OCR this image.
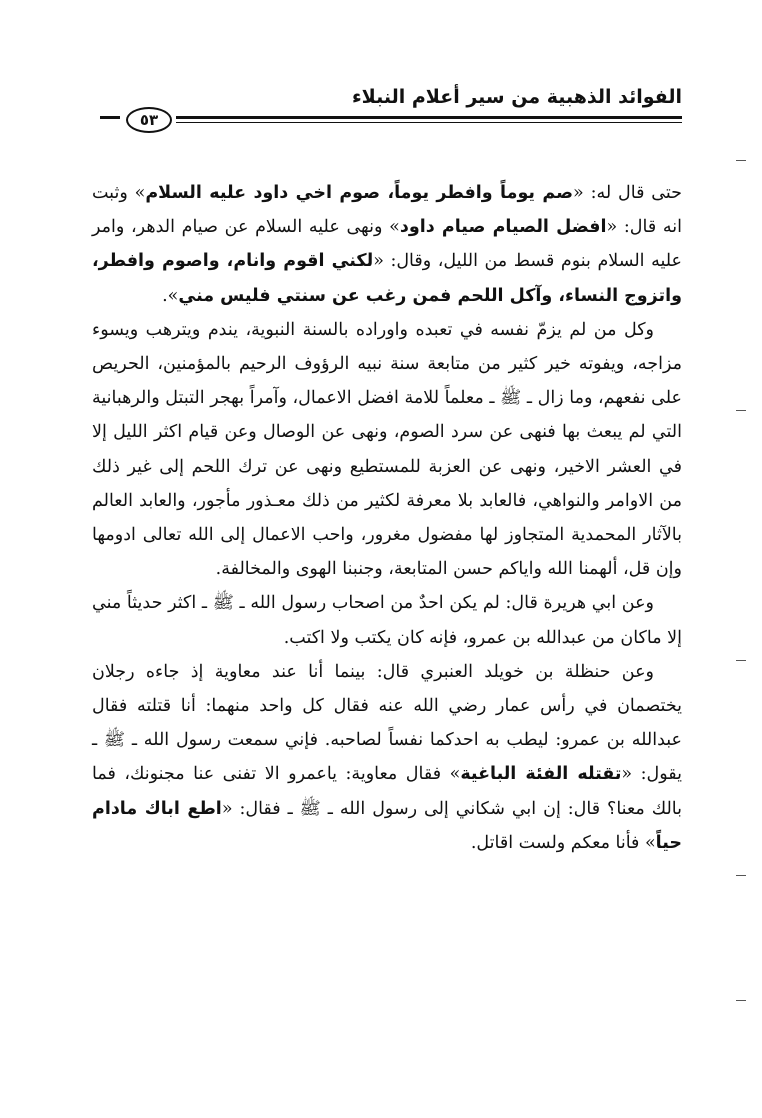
الفوائد الذهبية من سير أعلام النبلاء
٥٣

حتى قال له: «صم يوماً وافطر يوماً، صوم اخي داود عليه السلام» وثبت انه قال: «افضل الصيام صيام داود» ونهى عليه السلام عن صيام الدهر، وامر عليه السلام بنوم قسط من الليل، وقال: «لكني اقوم وانام، واصوم وافطر، واتزوج النساء، وآكل اللحم فمن رغب عن سنتي فليس مني».

وكل من لم يزمّ نفسه في تعبده واوراده بالسنة النبوية، يندم ويترهب ويسوء مزاجه، ويفوته خير كثير من متابعة سنة نبيه الرؤوف الرحيم بالمؤمنين، الحريص على نفعهم، وما زال ـ ﷺ ـ معلماً للامة افضل الاعمال، وآمراً بهجر التبتل والرهبانية التي لم يبعث بها فنهى عن سرد الصوم، ونهى عن الوصال وعن قيام اكثر الليل إلا في العشر الاخير، ونهى عن العزبة للمستطيع ونهى عن ترك اللحم إلى غير ذلك من الاوامر والنواهي، فالعابد بلا معرفة لكثير من ذلك معـذور مأجور، والعابد العالم بالآثار المحمدية المتجاوز لها مفضول مغرور، واحب الاعمال إلى الله تعالى ادومها وإن قل، ألهمنا الله واياكم حسن المتابعة، وجنبنا الهوى والمخالفة.

وعن ابي هريرة قال: لم يكن احدٌ من اصحاب رسول الله ـ ﷺ ـ اكثر حديثاً مني إلا ماكان من عبدالله بن عمرو، فإنه كان يكتب ولا اكتب.

وعن حنظلة بن خويلد العنبري قال: بينما أنا عند معاوية إذ جاءه رجلان يختصمان في رأس عمار رضي الله عنه فقال كل واحد منهما: أنا قتلته فقال عبدالله بن عمرو: ليطب به احدكما نفساً لصاحبه. فإني سمعت رسول الله ـ ﷺ ـ يقول: «تقتله الفئة الباغية» فقال معاوية: ياعمرو الا تفنى عنا مجنونك، فما بالك معنا؟ قال: إن ابي شكاني إلى رسول الله ـ ﷺ ـ فقال: «اطع اباك مادام حياً» فأنا معكم ولست اقاتل.
